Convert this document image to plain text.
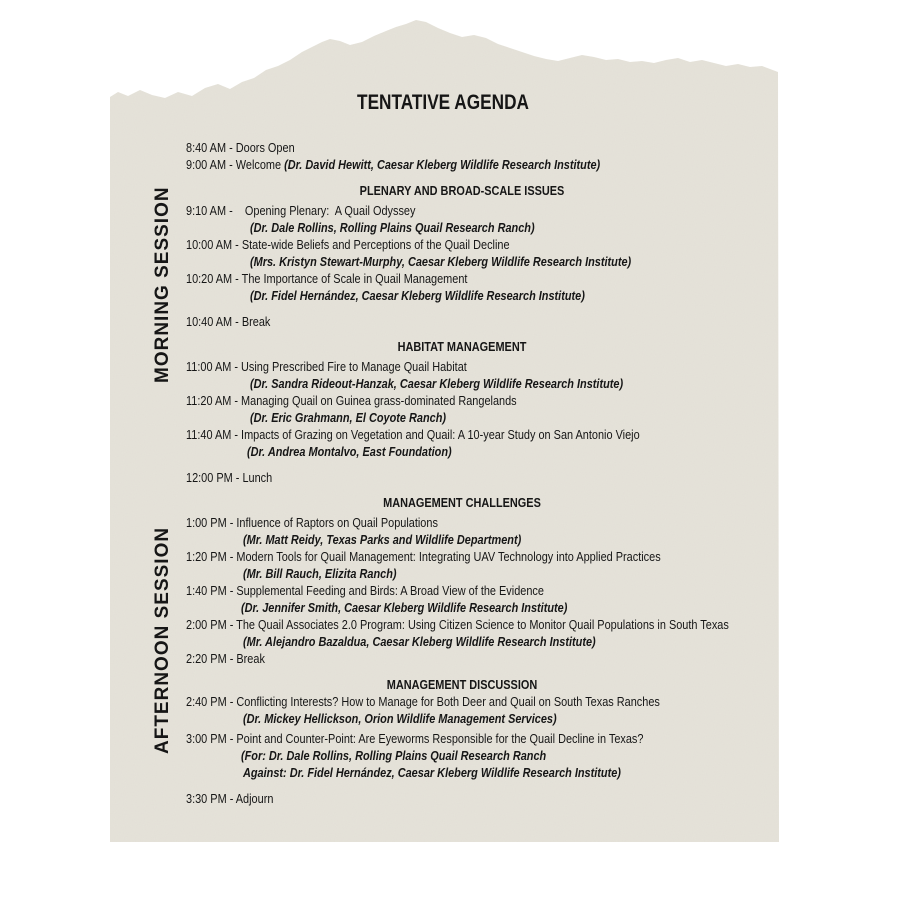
TENTATIVE AGENDA
MORNING SESSION
AFTERNOON SESSION
8:40 AM - Doors Open
9:00 AM - Welcome (Dr. David Hewitt, Caesar Kleberg Wildlife Research Institute)
PLENARY AND BROAD-SCALE ISSUES
9:10 AM -    Opening Plenary:  A Quail Odyssey
(Dr. Dale Rollins, Rolling Plains Quail Research Ranch)
10:00 AM - State-wide Beliefs and Perceptions of the Quail Decline
(Mrs. Kristyn Stewart-Murphy, Caesar Kleberg Wildlife Research Institute)
10:20 AM - The Importance of Scale in Quail Management
(Dr. Fidel Hernández, Caesar Kleberg Wildlife Research Institute)
10:40 AM - Break
HABITAT MANAGEMENT
11:00 AM - Using Prescribed Fire to Manage Quail Habitat
(Dr. Sandra Rideout-Hanzak, Caesar Kleberg Wildlife Research Institute)
11:20 AM - Managing Quail on Guinea grass-dominated Rangelands
(Dr. Eric Grahmann, El Coyote Ranch)
11:40 AM - Impacts of Grazing on Vegetation and Quail: A 10-year Study on San Antonio Viejo
(Dr. Andrea Montalvo, East Foundation)
12:00 PM - Lunch
MANAGEMENT CHALLENGES
1:00 PM - Influence of Raptors on Quail Populations
(Mr. Matt Reidy, Texas Parks and Wildlife Department)
1:20 PM - Modern Tools for Quail Management: Integrating UAV Technology into Applied Practices
(Mr. Bill Rauch, Elizita Ranch)
1:40 PM - Supplemental Feeding and Birds: A Broad View of the Evidence
(Dr. Jennifer Smith, Caesar Kleberg Wildlife Research Institute)
2:00 PM - The Quail Associates 2.0 Program: Using Citizen Science to Monitor Quail Populations in South Texas
(Mr. Alejandro Bazaldua, Caesar Kleberg Wildlife Research Institute)
2:20 PM - Break
MANAGEMENT DISCUSSION
2:40 PM - Conflicting Interests? How to Manage for Both Deer and Quail on South Texas Ranches
(Dr. Mickey Hellickson, Orion Wildlife Management Services)
3:00 PM - Point and Counter-Point: Are Eyeworms Responsible for the Quail Decline in Texas?
(For: Dr. Dale Rollins, Rolling Plains Quail Research Ranch
Against: Dr. Fidel Hernández, Caesar Kleberg Wildlife Research Institute)
3:30 PM - Adjourn
